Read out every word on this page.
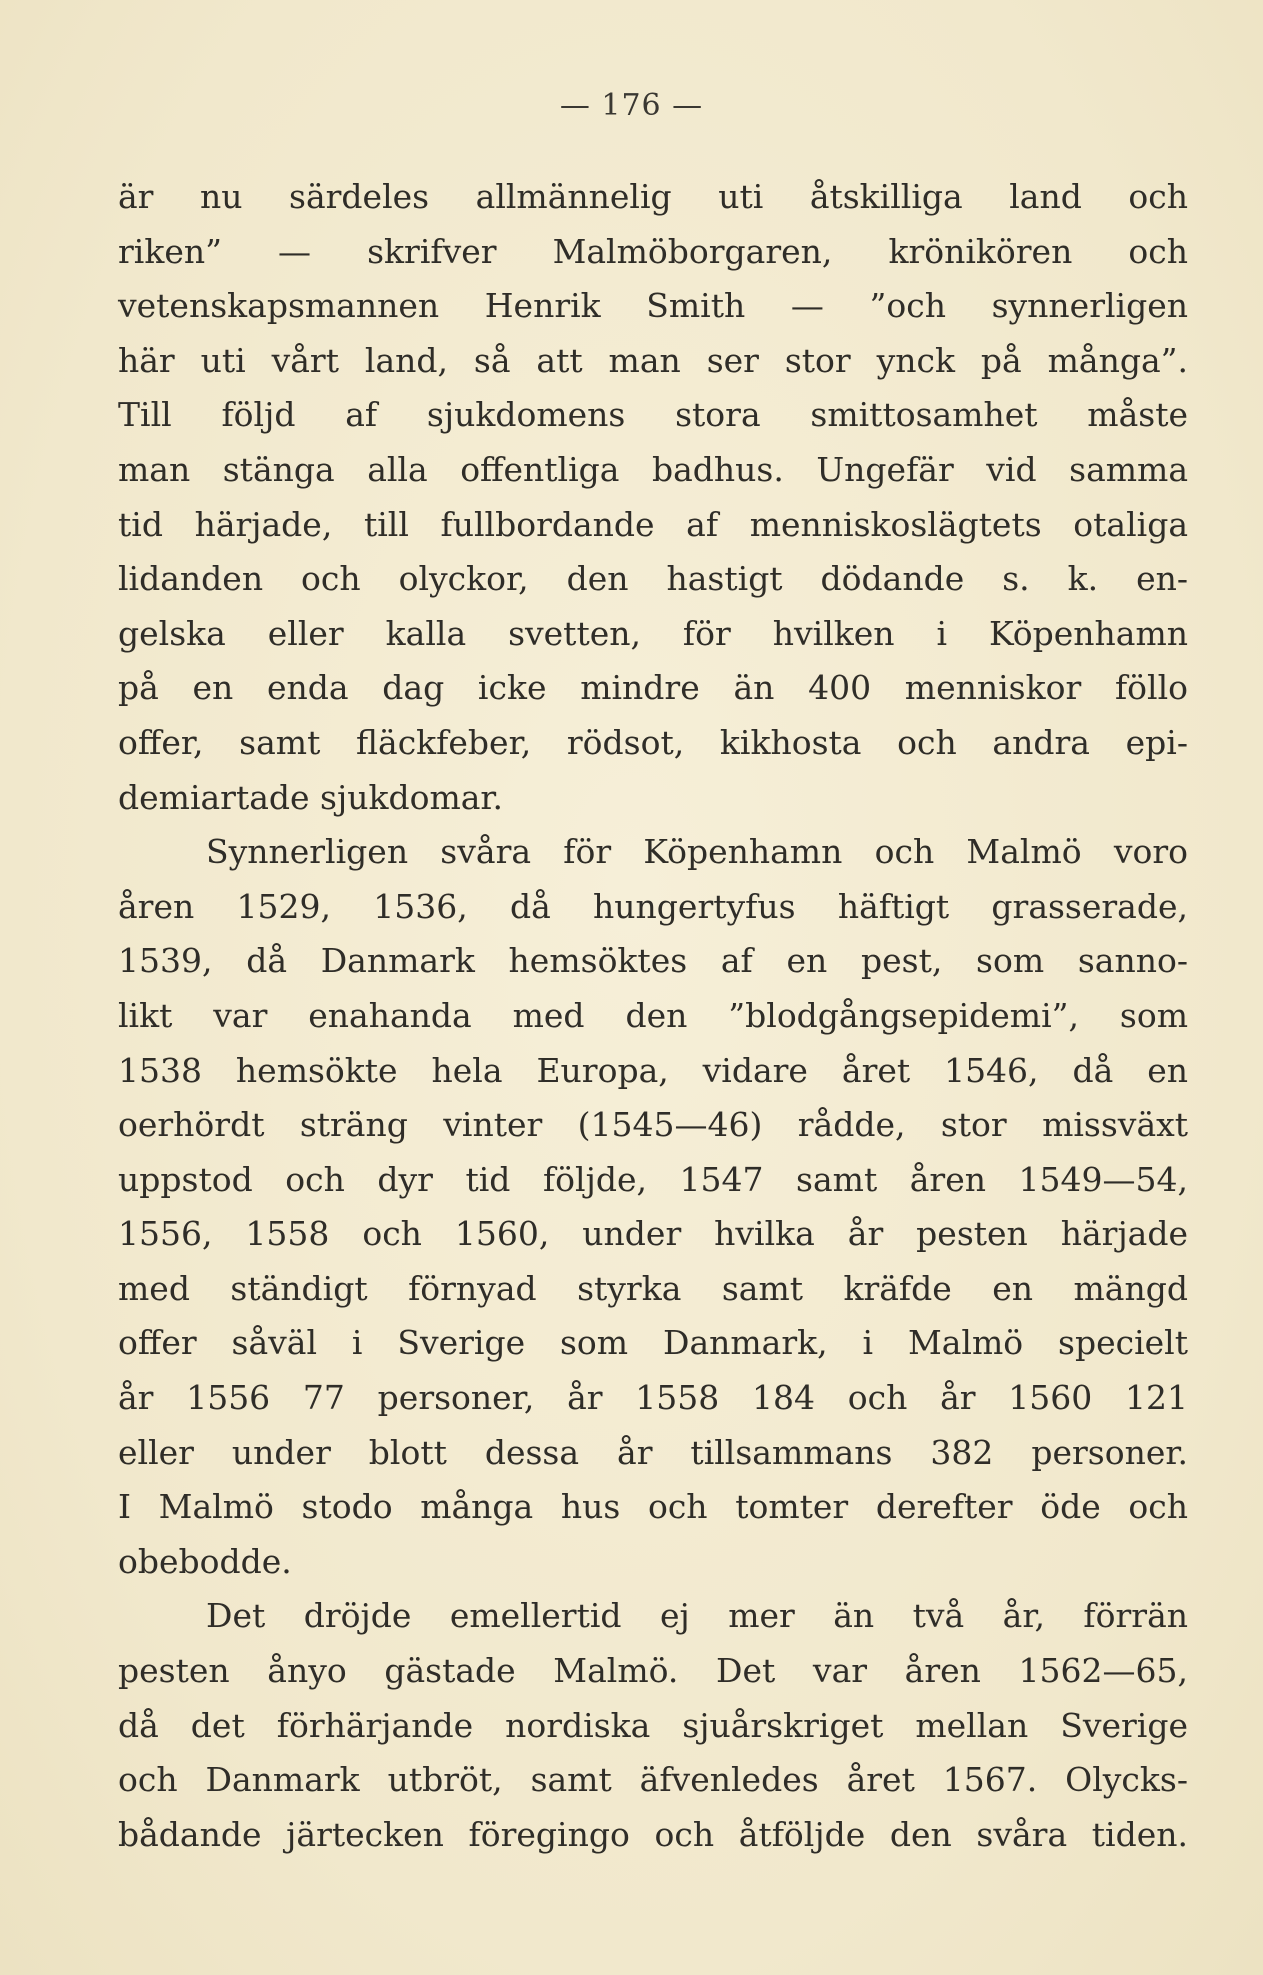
— 176 —
är nu särdeles allmännelig uti åtskilliga land och
riken” — skrifver Malmöborgaren, krönikören och
vetenskapsmannen Henrik Smith — ”och synnerligen
här uti vårt land, så att man ser stor ynck på många”.
Till följd af sjukdomens stora smittosamhet måste
man stänga alla offentliga badhus. Ungefär vid samma
tid härjade, till fullbordande af menniskoslägtets otaliga
lidanden och olyckor, den hastigt dödande s. k. en-
gelska eller kalla svetten, för hvilken i Köpenhamn
på en enda dag icke mindre än 400 menniskor föllo
offer, samt fläckfeber, rödsot, kikhosta och andra epi-
demiartade sjukdomar.
Synnerligen svåra för Köpenhamn och Malmö voro
åren 1529, 1536, då hungertyfus häftigt grasserade,
1539, då Danmark hemsöktes af en pest, som sanno-
likt var enahanda med den ”blodgångsepidemi”, som
1538 hemsökte hela Europa, vidare året 1546, då en
oerhördt sträng vinter (1545—46) rådde, stor missväxt
uppstod och dyr tid följde, 1547 samt åren 1549—54,
1556, 1558 och 1560, under hvilka år pesten härjade
med ständigt förnyad styrka samt kräfde en mängd
offer såväl i Sverige som Danmark, i Malmö specielt
år 1556 77 personer, år 1558 184 och år 1560 121
eller under blott dessa år tillsammans 382 personer.
I Malmö stodo många hus och tomter derefter öde och
obebodde.
Det dröjde emellertid ej mer än två år, förrän
pesten ånyo gästade Malmö. Det var åren 1562—65,
då det förhärjande nordiska sjuårskriget mellan Sverige
och Danmark utbröt, samt äfvenledes året 1567. Olycks-
bådande järtecken föregingo och åtföljde den svåra tiden.
